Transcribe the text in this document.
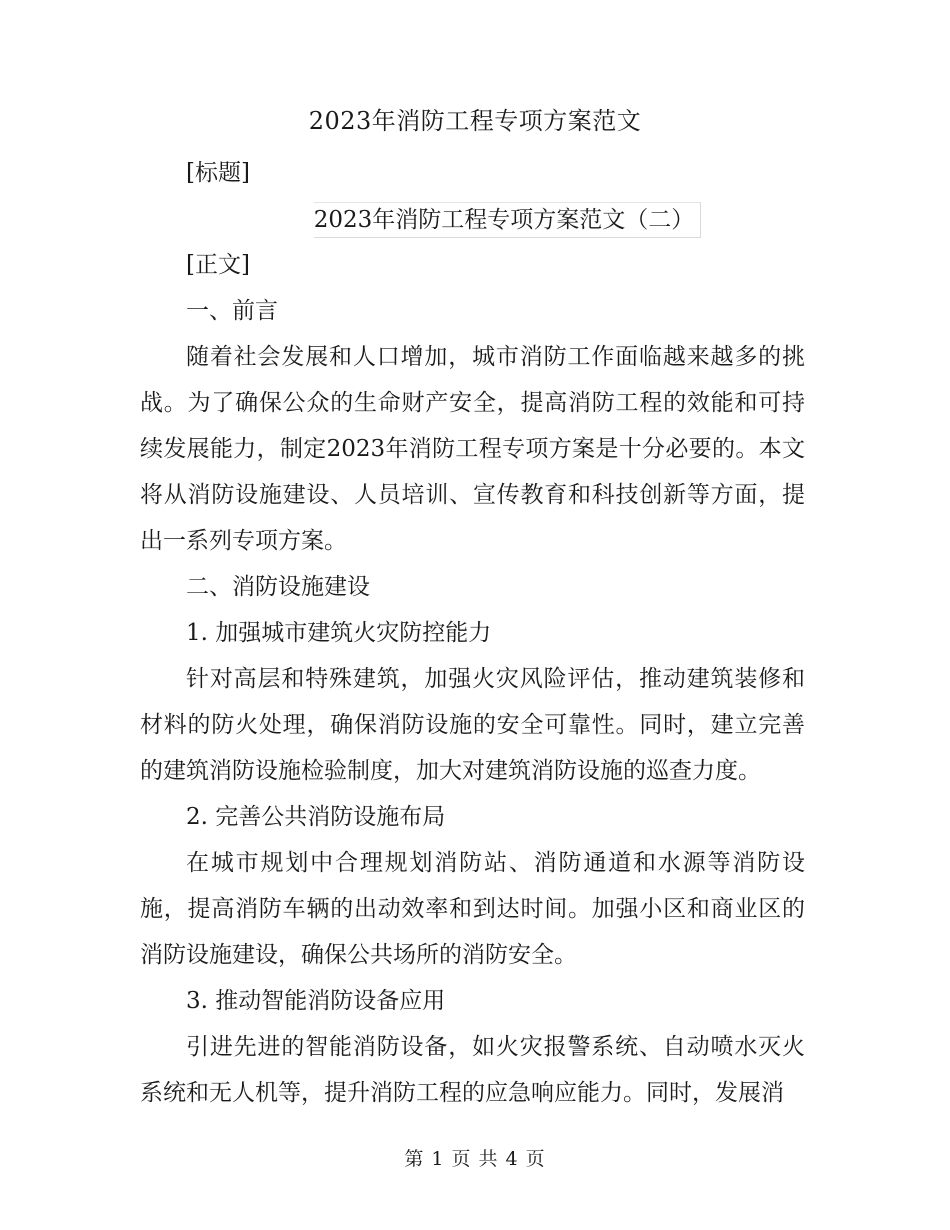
2023年消防工程专项方案范文

[标题]

2023年消防工程专项方案范文（二）

[正文]

一、前言

随着社会发展和人口增加，城市消防工作面临越来越多的挑战。为了确保公众的生命财产安全，提高消防工程的效能和可持续发展能力，制定2023年消防工程专项方案是十分必要的。本文将从消防设施建设、人员培训、宣传教育和科技创新等方面，提出一系列专项方案。

二、消防设施建设

1. 加强城市建筑火灾防控能力

针对高层和特殊建筑，加强火灾风险评估，推动建筑装修和材料的防火处理，确保消防设施的安全可靠性。同时，建立完善的建筑消防设施检验制度，加大对建筑消防设施的巡查力度。

2. 完善公共消防设施布局

在城市规划中合理规划消防站、消防通道和水源等消防设施，提高消防车辆的出动效率和到达时间。加强小区和商业区的消防设施建设，确保公共场所的消防安全。

3. 推动智能消防设备应用

引进先进的智能消防设备，如火灾报警系统、自动喷水灭火系统和无人机等，提升消防工程的应急响应能力。同时，发展消

第 1 页 共 4 页
